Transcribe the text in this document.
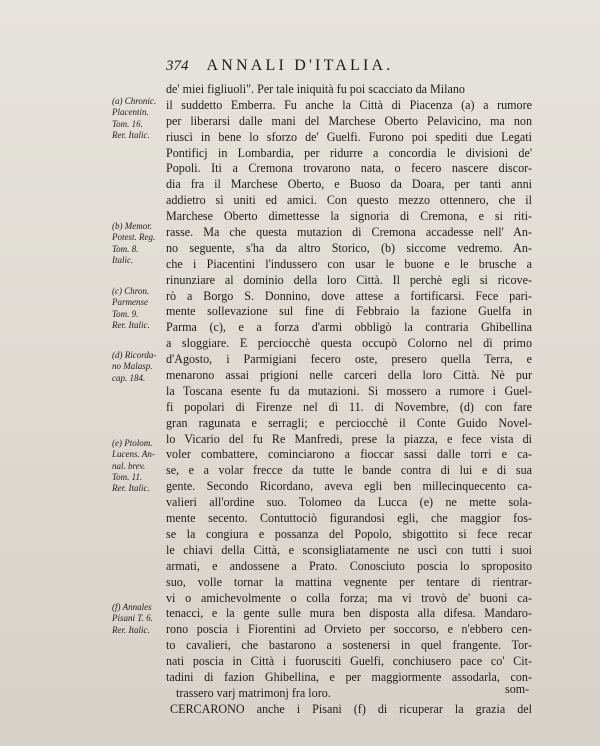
374 ANNALI D'ITALIA.
de' miei figliuoli". Per tale iniquità fu poi scacciato da Milano
il suddetto Emberra. Fu anche la Città di Piacenza (a) a rumore
per liberarsi dalle mani del Marchese Oberto Pelavicino, ma non
riuscì in bene lo sforzo de' Guelfi. Furono poi spediti due Legati
Pontificj in Lombardia, per ridurre a concordia le divisioni de'
Popoli. Iti a Cremona trovarono nata, o fecero nascere discor-
dia fra il Marchese Oberto, e Buoso da Doara, per tanti anni
addietro sì uniti ed amici. Con questo mezzo ottennero, che il
Marchese Oberto dimettesse la signoria di Cremona, e si riti-
rasse. Ma che questa mutazion di Cremona accadesse nell' An-
no seguente, s'ha da altro Storico, (b) siccome vedremo. An-
che i Piacentini l'indussero con usar le buone e le brusche a
rinunziare al dominio della loro Città. Il perchè egli si ricove-
rò a Borgo S. Donnino, dove attese a fortificarsi. Fece pari-
mente sollevazione sul fine di Febbraio la fazione Guelfa in
Parma (c), e a forza d'armi obbligò la contraria Ghibellina
a sloggiare. E perciocchè questa occupò Colorno nel dì primo
d'Agosto, i Parmigiani fecero oste, presero quella Terra, e
menarono assai prigioni nelle carceri della loro Città. Nè pur
la Toscana esente fu da mutazioni. Si mossero a rumore i Guel-
fi popolari di Firenze nel dì 11. di Novembre, (d) con fare
gran ragunata e serragli; e perciocchè il Conte Guido Novel-
lo Vicario del fu Re Manfredi, prese la piazza, e fece vista di
voler combattere, cominciarono a fioccar sassi dalle torri e ca-
se, e a volar frecce da tutte le bande contra di lui e di sua
gente. Secondo Ricordano, aveva egli ben millecinquecento ca-
valieri all'ordine suo. Tolomeo da Lucca (e) ne mette sola-
mente secento. Contuttociò figurandosi egli, che maggior fos-
se la congiura e possanza del Popolo, sbigottito si fece recar
le chiavi della Città, e sconsigliatamente ne uscì con tutti i suoi
armati, e andossene a Prato. Conosciuto poscia lo sproposito
suo, volle tornar la mattina vegnente per tentare di rientrar-
vi o amichevolmente o colla forza; ma vi trovò de' buoni ca-
tenacci, e la gente sulle mura ben disposta alla difesa. Mandaro-
rono poscia i Fiorentini ad Orvieto per soccorso, e n'ebbero cen-
to cavalieri, che bastarono a sostenersi in quel frangente. Tor-
nati poscia in Città i fuorusciti Guelfi, conchiusero pace co' Cit-
tadini di fazion Ghibellina, e per maggiormente assodarla, con-
trassero varj matrimonj fra loro.
CERCARONO anche i Pisani (f) di ricuperar la grazia del
som-
(a) Chronic.
Placentin.
Tom. 16.
Rer. Italic.
(b) Memor.
Potest. Reg.
Tom. 8.
Italic.
(c) Chron.
Parmense
Tom. 9.
Rer. Italic.
(d) Ricorda-
no Malasp.
cap. 184.
(e) Ptolom.
Lucens. An-
nal. brev.
Tom. 11.
Rer. Italic.
(f) Annales
Pisani T. 6.
Rer. Italic.
